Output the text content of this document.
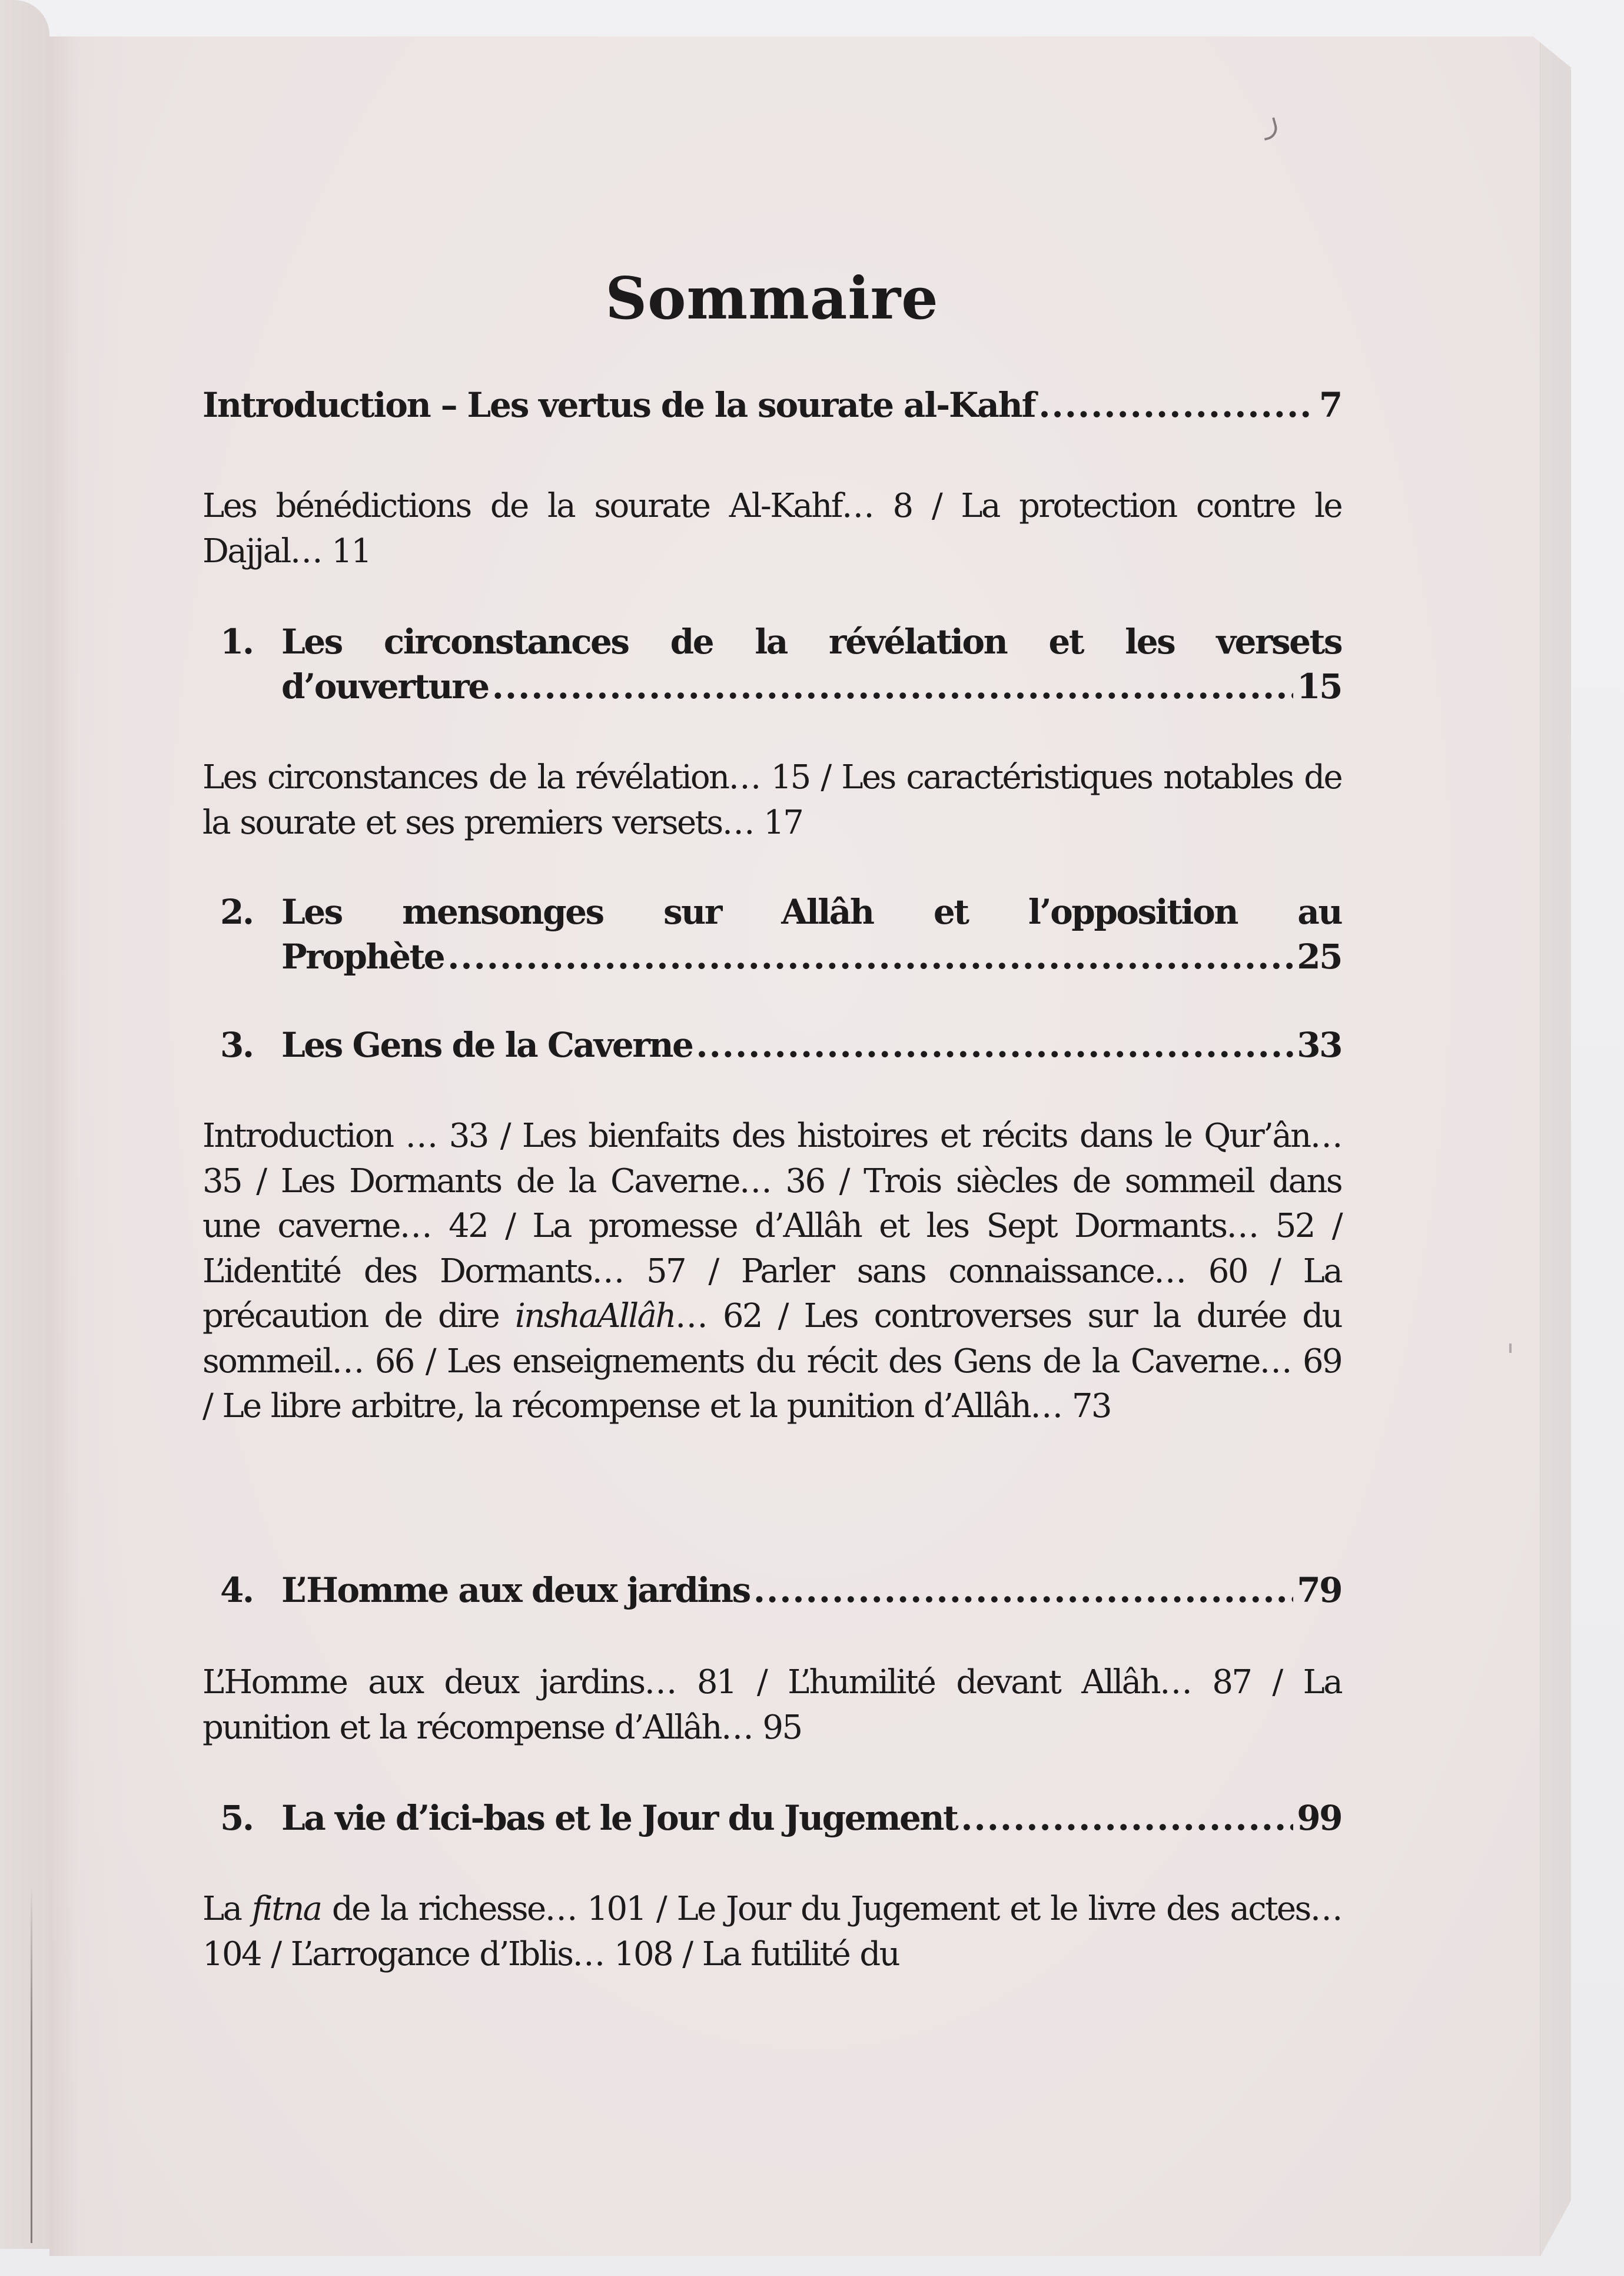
Sommaire
Introduction – Les vertus de la sourate al-Kahf .....	7
Les bénédictions de la sourate Al-Kahf… 8 / La protection contre le Dajjal… 11
1. Les circonstances de la révélation et les versets
d’ouverture .....	15
Les circonstances de la révélation… 15 / Les caractéristiques notables de la sourate et ses premiers versets… 17
2. Les mensonges sur Allâh et l’opposition au
Prophète .....	25
3. Les Gens de la Caverne .....	33
Introduction … 33 / Les bienfaits des histoires et récits dans le Qur’ân… 35 / Les Dormants de la Caverne… 36 / Trois siècles de sommeil dans une caverne… 42 / La promesse d’Allâh et les Sept Dormants… 52 / L’identité des Dormants… 57 / Parler sans connaissance… 60 / La précaution de dire inshaAllâh… 62 / Les controverses sur la durée du sommeil… 66 / Les enseignements du récit des Gens de la Caverne… 69 / Le libre arbitre, la récompense et la punition d’Allâh… 73
4. L’Homme aux deux jardins .....	79
L’Homme aux deux jardins… 81 / L’humilité devant Allâh… 87 / La punition et la récompense d’Allâh… 95
5. La vie d’ici-bas et le Jour du Jugement .....	99
La fitna de la richesse… 101 / Le Jour du Jugement et le livre des actes… 104 / L’arrogance d’Iblis… 108 / La futilité du
